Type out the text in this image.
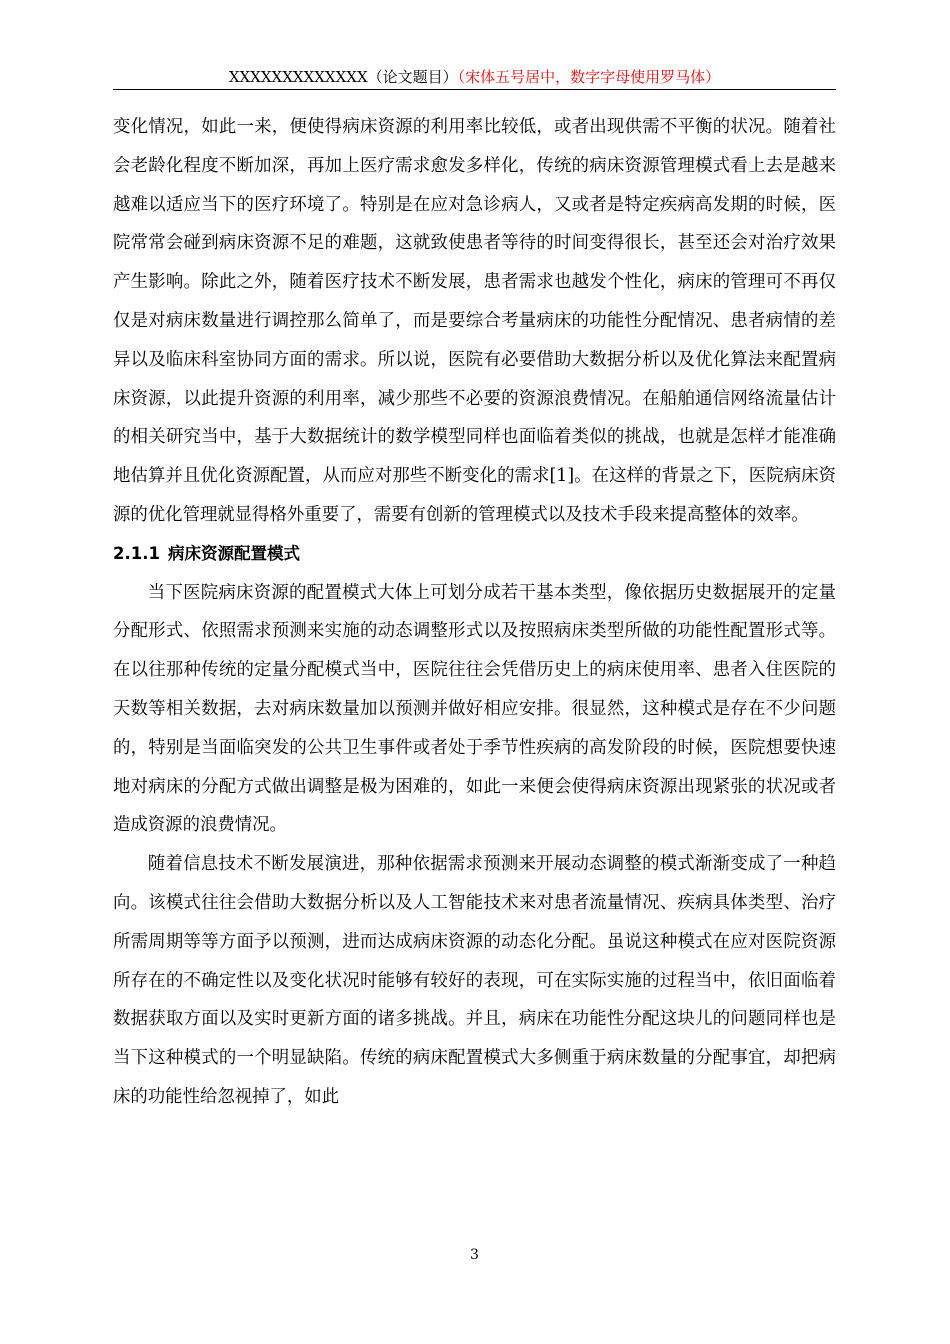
XXXXXXXXXXXXX（论文题目）（宋体五号居中，数字字母使用罗马体）

变化情况，如此一来，便使得病床资源的利用率比较低，或者出现供需不平衡的状况。随着社会老龄化程度不断加深，再加上医疗需求愈发多样化，传统的病床资源管理模式看上去是越来越难以适应当下的医疗环境了。特别是在应对急诊病人，又或者是特定疾病高发期的时候，医院常常会碰到病床资源不足的难题，这就致使患者等待的时间变得很长，甚至还会对治疗效果产生影响。除此之外，随着医疗技术不断发展，患者需求也越发个性化，病床的管理可不再仅仅是对病床数量进行调控那么简单了，而是要综合考量病床的功能性分配情况、患者病情的差异以及临床科室协同方面的需求。所以说，医院有必要借助大数据分析以及优化算法来配置病床资源，以此提升资源的利用率，减少那些不必要的资源浪费情况。在船舶通信网络流量估计的相关研究当中，基于大数据统计的数学模型同样也面临着类似的挑战，也就是怎样才能准确地估算并且优化资源配置，从而应对那些不断变化的需求[1]。在这样的背景之下，医院病床资源的优化管理就显得格外重要了，需要有创新的管理模式以及技术手段来提高整体的效率。

2.1.1 病床资源配置模式

当下医院病床资源的配置模式大体上可划分成若干基本类型，像依据历史数据展开的定量分配形式、依照需求预测来实施的动态调整形式以及按照病床类型所做的功能性配置形式等。在以往那种传统的定量分配模式当中，医院往往会凭借历史上的病床使用率、患者入住医院的天数等相关数据，去对病床数量加以预测并做好相应安排。很显然，这种模式是存在不少问题的，特别是当面临突发的公共卫生事件或者处于季节性疾病的高发阶段的时候，医院想要快速地对病床的分配方式做出调整是极为困难的，如此一来便会使得病床资源出现紧张的状况或者造成资源的浪费情况。

随着信息技术不断发展演进，那种依据需求预测来开展动态调整的模式渐渐变成了一种趋向。该模式往往会借助大数据分析以及人工智能技术来对患者流量情况、疾病具体类型、治疗所需周期等等方面予以预测，进而达成病床资源的动态化分配。虽说这种模式在应对医院资源所存在的不确定性以及变化状况时能够有较好的表现，可在实际实施的过程当中，依旧面临着数据获取方面以及实时更新方面的诸多挑战。并且，病床在功能性分配这块儿的问题同样也是当下这种模式的一个明显缺陷。传统的病床配置模式大多侧重于病床数量的分配事宜，却把病床的功能性给忽视掉了，如此

3
